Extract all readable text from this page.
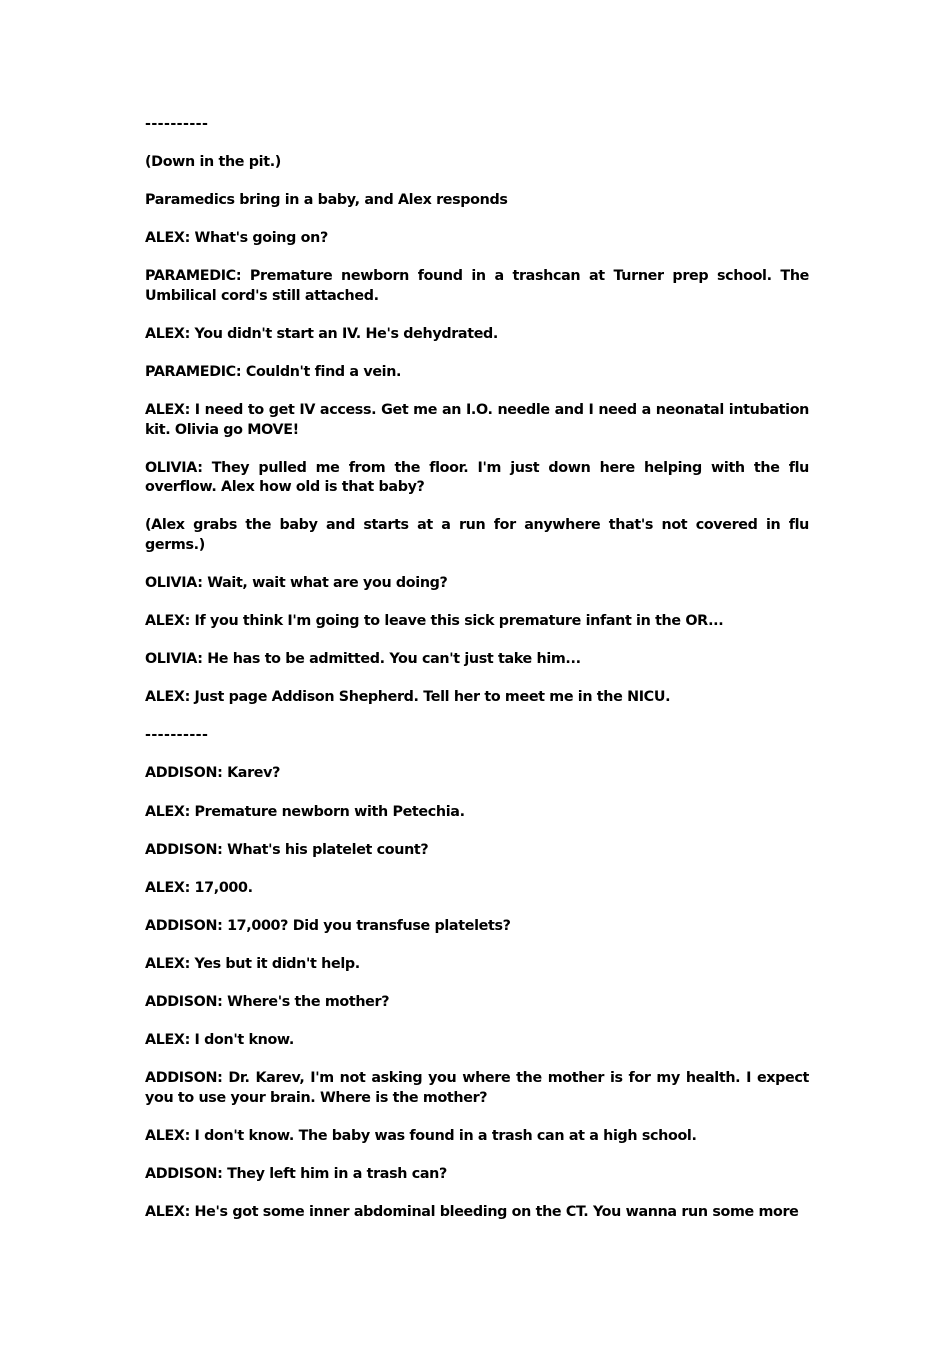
----------

(Down in the pit.)

Paramedics bring in a baby, and Alex responds

ALEX: What's going on?

PARAMEDIC: Premature newborn found in a trashcan at Turner prep school. The Umbilical cord's still attached.

ALEX: You didn't start an IV. He's dehydrated.

PARAMEDIC: Couldn't find a vein.

ALEX: I need to get IV access. Get me an I.O. needle and I need a neonatal intubation kit. Olivia go MOVE!

OLIVIA: They pulled me from the floor. I'm just down here helping with the flu overflow. Alex how old is that baby?

(Alex grabs the baby and starts at a run for anywhere that's not covered in flu germs.)

OLIVIA: Wait, wait what are you doing?

ALEX: If you think I'm going to leave this sick premature infant in the OR...

OLIVIA: He has to be admitted. You can't just take him...

ALEX: Just page Addison Shepherd. Tell her to meet me in the NICU.

----------

ADDISON: Karev?

ALEX: Premature newborn with Petechia.

ADDISON: What's his platelet count?

ALEX: 17,000.

ADDISON: 17,000? Did you transfuse platelets?

ALEX: Yes but it didn't help.

ADDISON: Where's the mother?

ALEX: I don't know.

ADDISON: Dr. Karev, I'm not asking you where the mother is for my health. I expect you to use your brain. Where is the mother?

ALEX: I don't know. The baby was found in a trash can at a high school.

ADDISON: They left him in a trash can?

ALEX: He's got some inner abdominal bleeding on the CT. You wanna run some more
